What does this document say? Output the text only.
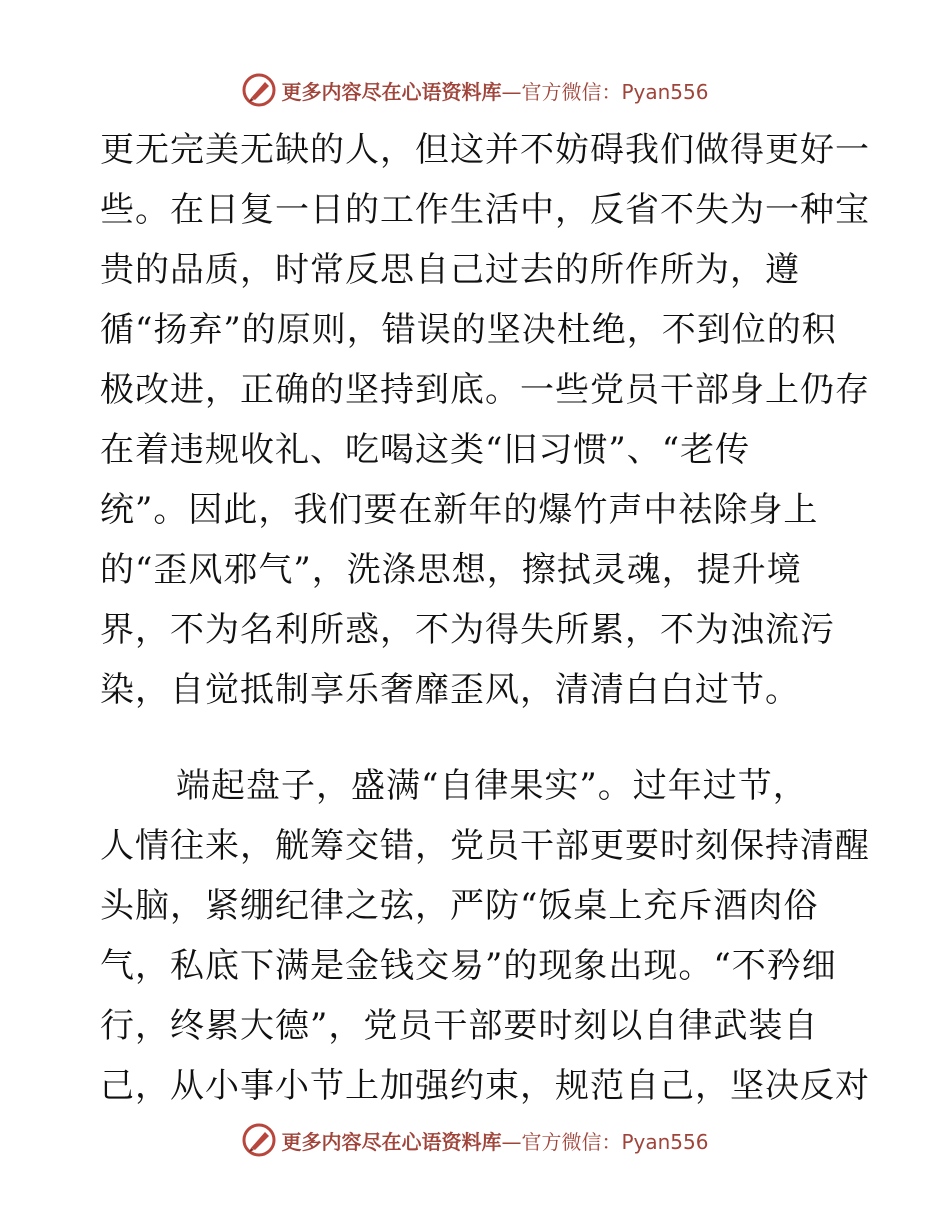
更多内容尽在心语资料库—官方微信：Pyan556
更无完美无缺的人，但这并不妨碍我们做得更好一
些。在日复一日的工作生活中，反省不失为一种宝
贵的品质，时常反思自己过去的所作所为，遵
循“扬弃”的原则，错误的坚决杜绝，不到位的积
极改进，正确的坚持到底。一些党员干部身上仍存
在着违规收礼、吃喝这类“旧习惯”、“老传
统”。因此，我们要在新年的爆竹声中祛除身上
的“歪风邪气”，洗涤思想，擦拭灵魂，提升境
界，不为名利所惑，不为得失所累，不为浊流污
染，自觉抵制享乐奢靡歪风，清清白白过节。
端起盘子，盛满“自律果实”。过年过节，
人情往来，觥筹交错，党员干部更要时刻保持清醒
头脑，紧绷纪律之弦，严防“饭桌上充斥酒肉俗
气，私底下满是金钱交易”的现象出现。“不矜细
行，终累大德”，党员干部要时刻以自律武装自
己，从小事小节上加强约束，规范自己，坚决反对
更多内容尽在心语资料库—官方微信：Pyan556
